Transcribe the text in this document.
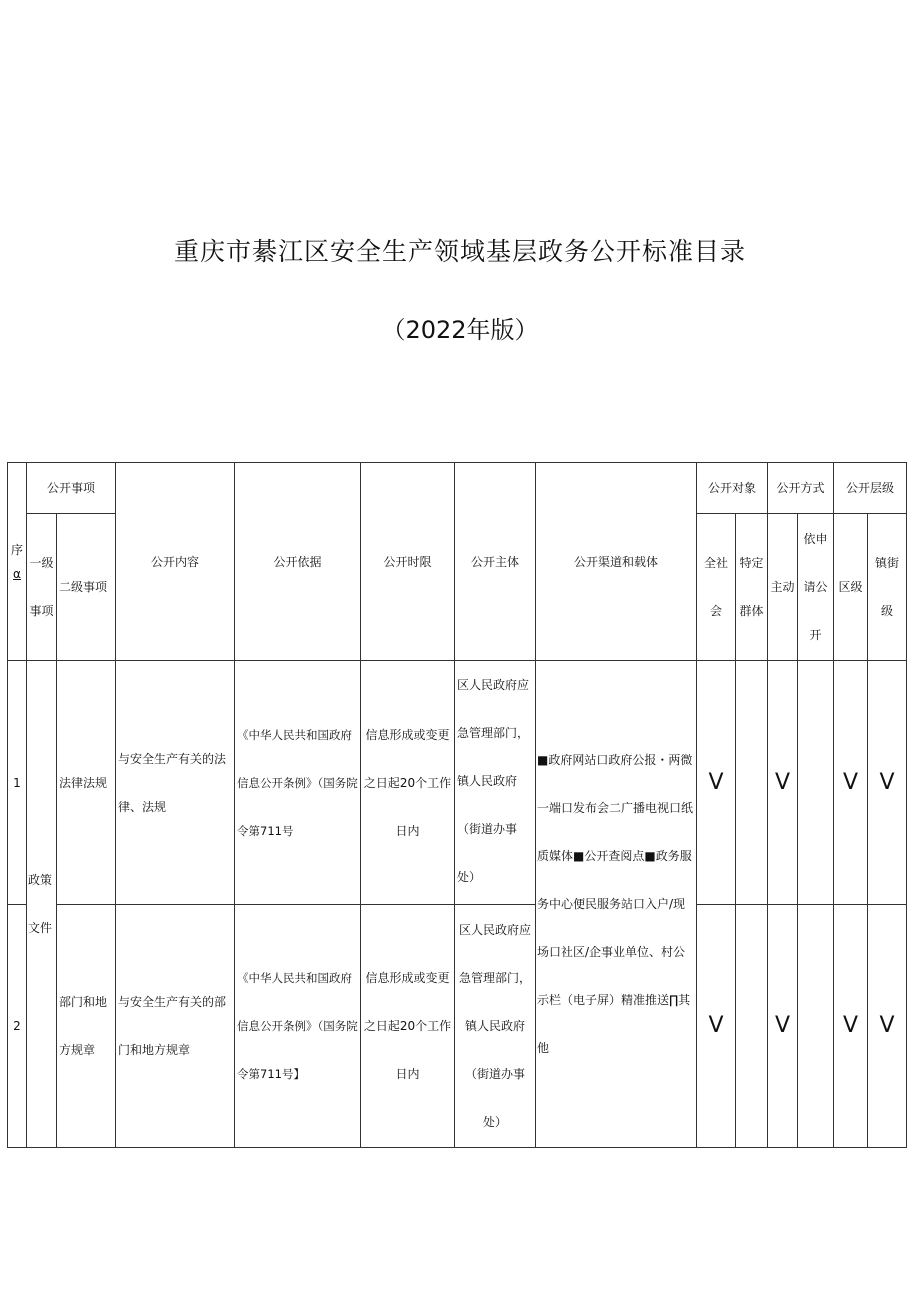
重庆市綦江区安全生产领域基层政务公开标准目录
（2022年版）
序
α	公开事项		公开内容	公开依据	公开时限	公开主体	公开渠道和载体	公开对象		公开方式		公开层级	
	一级事项	二级事项						全社会	特定群体	主动	依申请公开	区级	镇街级
1	政策文件	法律法规	与安全生产有关的法律、法规	《中华人民共和国政府信息公开条例》（国务院令第711号	信息形成或变更之日起20个工作日内	区人民政府应急管理部门，镇人民政府（街道办事处）	■政府网站口政府公报・两微一端口发布会二广播电视口纸质媒体■公开查阅点■政务服务中心便民服务站口入户/现场口社区/企事业单位、村公示栏（电子屏）精准推送∏其他	V		V		V	V
2		部门和地方规章	与安全生产有关的部门和地方规章	《中华人民共和国政府信息公开条例》（国务院令第711号】	信息形成或变更之日起20个工作日内	区人民政府应急管理部门，镇人民政府（街道办事处）		V		V		V	V
